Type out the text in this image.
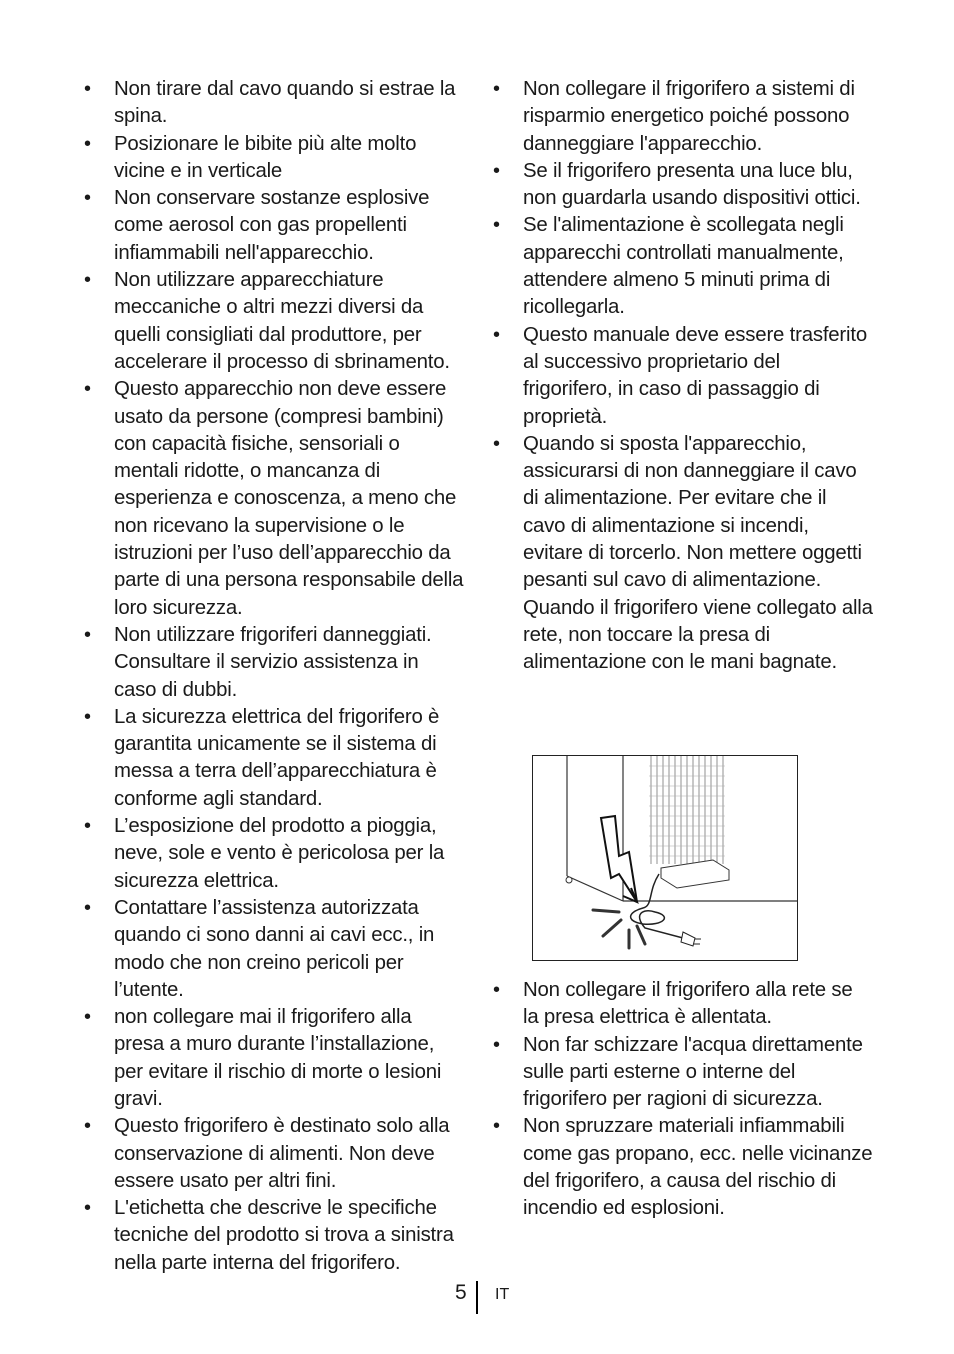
• Non tirare dal cavo quando si estrae la spina.
• Posizionare le bibite più alte molto vicine e in verticale
• Non conservare sostanze esplosive come aerosol con gas propellenti infiammabili nell'apparecchio.
• Non utilizzare apparecchiature meccaniche o altri mezzi diversi da quelli consigliati dal produttore, per accelerare il processo di sbrinamento.
• Questo apparecchio non deve essere usato da persone (compresi bambini) con capacità fisiche, sensoriali o mentali ridotte, o mancanza di esperienza e conoscenza, a meno che non ricevano la supervisione o le istruzioni per l’uso dell’apparecchio da parte di una persona responsabile della loro sicurezza.
• Non utilizzare frigoriferi danneggiati. Consultare il servizio assistenza in caso di dubbi.
• La sicurezza elettrica del frigorifero è garantita unicamente se il sistema di messa a terra dell’apparecchiatura è conforme agli standard.
• L’esposizione del prodotto a pioggia, neve, sole e vento è pericolosa per la sicurezza elettrica.
• Contattare l’assistenza autorizzata quando ci sono danni ai cavi ecc., in modo che non creino pericoli per l’utente.
• non collegare mai il frigorifero alla presa a muro durante l’installazione, per evitare il rischio di morte o lesioni gravi.
• Questo frigorifero è destinato solo alla conservazione di alimenti. Non deve essere usato per altri fini.
• L'etichetta che descrive le specifiche tecniche del prodotto si trova a sinistra nella parte interna del frigorifero.
• Non collegare il frigorifero a sistemi di risparmio energetico poiché possono danneggiare l'apparecchio.
• Se il frigorifero presenta una luce blu, non guardarla usando dispositivi ottici.
• Se l'alimentazione è scollegata negli apparecchi controllati manualmente, attendere almeno 5 minuti prima di ricollegarla.
• Questo manuale deve essere trasferito al successivo proprietario del frigorifero, in caso di passaggio di proprietà.
• Quando si sposta l'apparecchio, assicurarsi di non danneggiare il cavo di alimentazione. Per evitare che il cavo di alimentazione si incendi, evitare di torcerlo. Non mettere oggetti pesanti sul cavo di alimentazione. Quando il frigorifero viene collegato alla rete, non toccare la presa di alimentazione con le mani bagnate.
• Non collegare il frigorifero alla rete se la presa elettrica è allentata.
• Non far schizzare l'acqua direttamente sulle parti esterne o interne del frigorifero per ragioni di sicurezza.
• Non spruzzare materiali infiammabili come gas propano, ecc. nelle vicinanze del frigorifero, a causa del rischio di incendio ed esplosioni.
5 IT
